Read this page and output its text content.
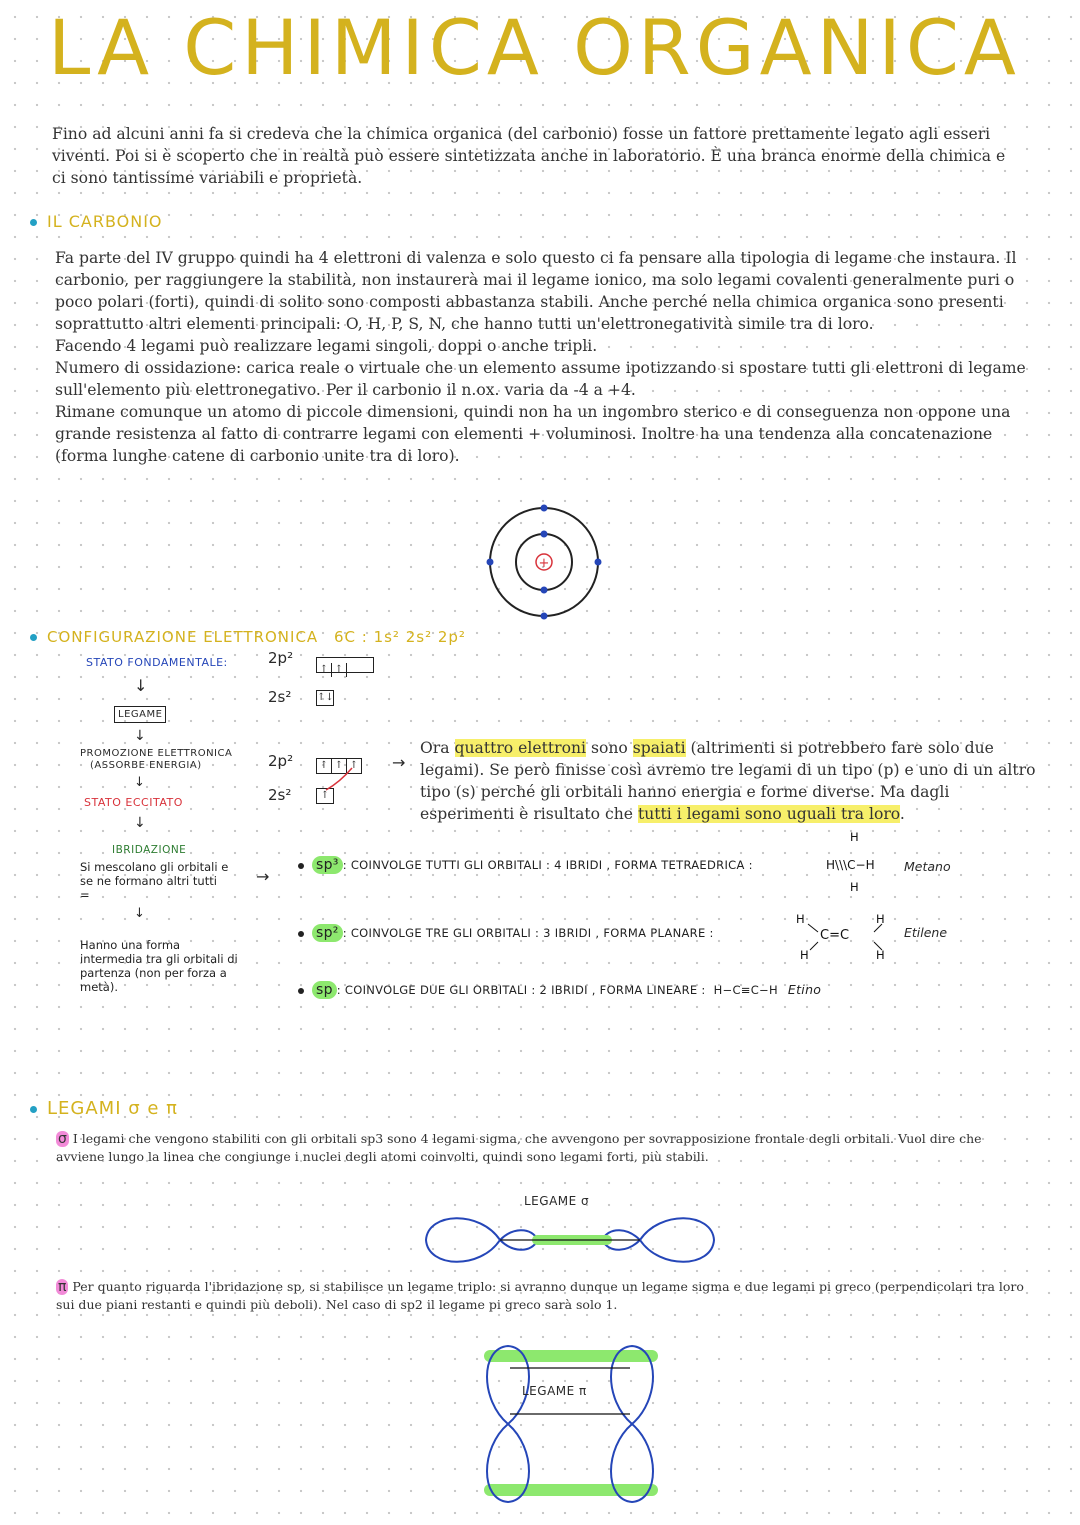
LA CHIMICA ORGANICA
Fino ad alcuni anni fa si credeva che la chimica organica (del carbonio) fosse un fattore prettamente legato agli esseri viventi. Poi si è scoperto che in realtà può essere sintetizzata anche in laboratorio. È una branca enorme della chimica e ci sono tantissime variabili e proprietà.
IL CARBONIO
Fa parte del IV gruppo quindi ha 4 elettroni di valenza e solo questo ci fa pensare alla tipologia di legame che instaura. Il carbonio, per raggiungere la stabilità, non instaurerà mai il legame ionico, ma solo legami covalenti generalmente puri o poco polari (forti), quindi di solito sono composti abbastanza stabili. Anche perché nella chimica organica sono presenti soprattutto altri elementi principali: O, H, P, S, N, che hanno tutti un'elettronegatività simile tra di loro.
Facendo 4 legami può realizzare legami singoli, doppi o anche tripli.
Numero di ossidazione: carica reale o virtuale che un elemento assume ipotizzando si spostare tutti gli elettroni di legame sull'elemento più elettronegativo. Per il carbonio il n.ox. varia da -4 a +4.
Rimane comunque un atomo di piccole dimensioni, quindi non ha un ingombro sterico e di conseguenza non oppone una grande resistenza al fatto di contrarre legami con elementi + voluminosi. Inoltre ha una tendenza alla concatenazione (forma lunghe catene di carbonio unite tra di loro).
+
CONFIGURAZIONE ELETTRONICA 6C : 1s² 2s² 2p²
STATO FONDAMENTALE:	2p²
↑ ↑
2s²	↑↓
↓
LEGAME
↓
PROMOZIONE ELETTRONICA
(ASSORBE ENERGIA)
↓
2p²	↑ ↑ ↑
2s²	↑
STATO ECCITATO
↓
IBRIDAZIONE
Si mescolano gli orbitali e se ne formano altri tutti =
↓
Hanno una forma intermedia tra gli orbitali di partenza (non per forza a metà).
→
→
Ora quattro elettroni sono spaiati (altrimenti si potrebbero fare solo due legami). Se però finisse così avremo tre legami di un tipo (p) e uno di un altro tipo (s) perché gli orbitali hanno energia e forme diverse. Ma dagli esperimenti è risultato che tutti i legami sono uguali tra loro.
sp³ : COINVOLGE TUTTI GLI ORBITALI : 4 IBRIDI , FORMA TETRAEDRICA :
H
H\\\C−H
H
Metano
sp² : COINVOLGE TRE GLI ORBITALI : 3 IBRIDI , FORMA PLANARE :
H	H
C=C
H	H
Etilene
sp : COINVOLGE DUE GLI ORBITALI : 2 IBRIDI , FORMA LINEARE : H−C≡C−H Etino
LEGAMI σ e π
σ I legami che vengono stabiliti con gli orbitali sp3 sono 4 legami sigma, che avvengono per sovrapposizione frontale degli orbitali. Vuol dire che avviene lungo la linea che congiunge i nuclei degli atomi coinvolti, quindi sono legami forti, più stabili.
LEGAME σ
π Per quanto riguarda l'ibridazione sp, si stabilisce un legame triplo: si avranno dunque un legame sigma e due legami pi greco (perpendicolari tra loro sui due piani restanti e quindi più deboli). Nel caso di sp2 il legame pi greco sarà solo 1.
LEGAME π
